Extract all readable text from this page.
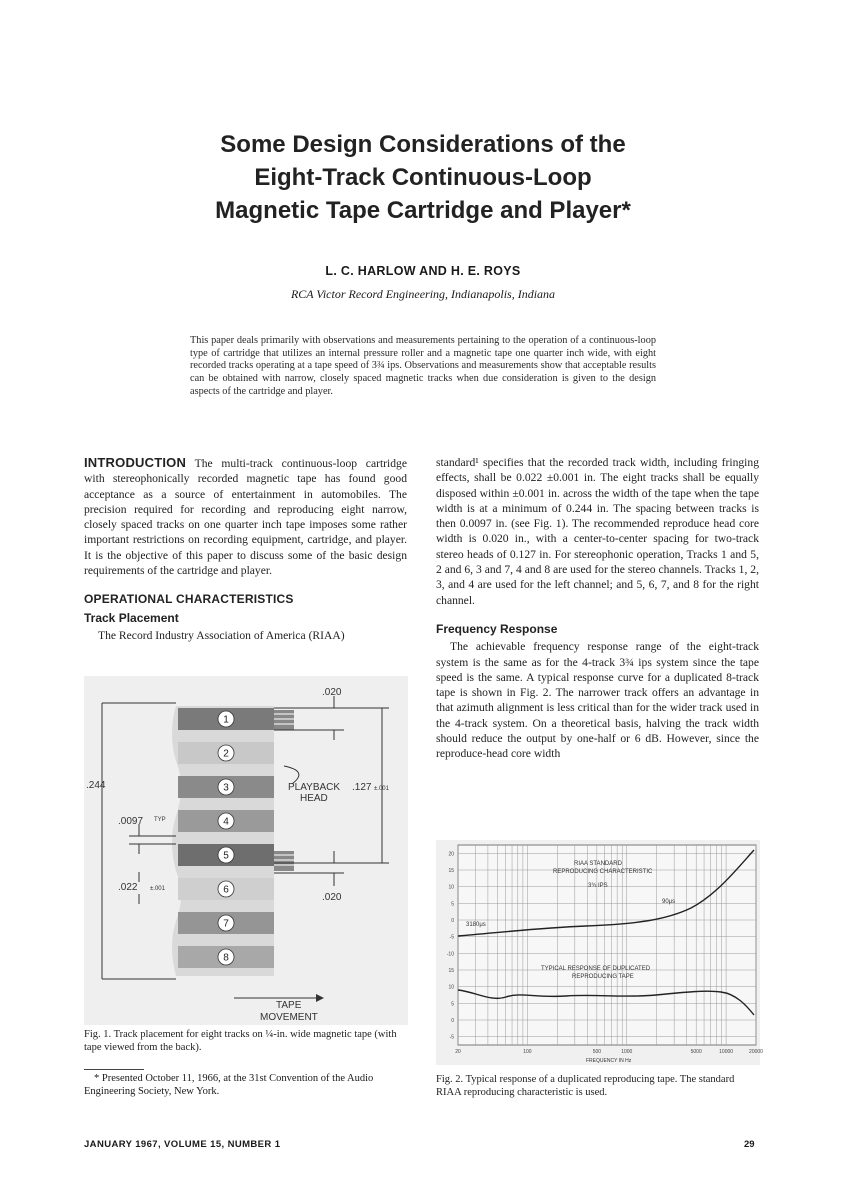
Some Design Considerations of the
Eight-Track Continuous-Loop
Magnetic Tape Cartridge and Player*
L. C. HARLOW AND H. E. ROYS
RCA Victor Record Engineering, Indianapolis, Indiana
This paper deals primarily with observations and measurements pertaining to the operation of a continuous-loop type of cartridge that utilizes an internal pressure roller and a magnetic tape one quarter inch wide, with eight recorded tracks operating at a tape speed of 3¾ ips. Observations and measurements show that acceptable results can be obtained with narrow, closely spaced magnetic tracks when due consideration is given to the design aspects of the cartridge and player.

INTRODUCTION The multi-track continuous-loop cartridge with stereophonically recorded magnetic tape has found good acceptance as a source of entertainment in automobiles. The precision required for recording and reproducing eight narrow, closely spaced tracks on one quarter inch tape imposes some rather important restrictions on recording equipment, cartridge, and player. It is the objective of this paper to discuss some of the basic design requirements of the cartridge and player.

OPERATIONAL CHARACTERISTICS
Track Placement

The Record Industry Association of America (RIAA)

1
2
3
4
5
6
7
8
.020
.020
.244
.0097 TYP
.022 ±.001
.127 ±.001
PLAYBACK
HEAD
TAPE
MOVEMENT
Fig. 1. Track placement for eight tracks on ¼-in. wide magnetic tape (with tape viewed from the back).

* Presented October 11, 1966, at the 31st Convention of the Audio Engineering Society, New York.

standard¹ specifies that the recorded track width, including fringing effects, shall be 0.022 ±0.001 in. The eight tracks shall be equally disposed within ±0.001 in. across the width of the tape when the tape width is at a minimum of 0.244 in. The spacing between tracks is then 0.0097 in. (see Fig. 1). The recommended reproduce head core width is 0.020 in., with a center-to-center spacing for two-track stereo heads of 0.127 in. For stereophonic operation, Tracks 1 and 5, 2 and 6, 3 and 7, 4 and 8 are used for the stereo channels. Tracks 1, 2, 3, and 4 are used for the left channel; and 5, 6, 7, and 8 for the right channel.

Frequency Response

The achievable frequency response range of the eight-track system is the same as for the 4-track 3¾ ips system since the tape speed is the same. A typical response curve for a duplicated 8-track tape is shown in Fig. 2. The narrower track offers an advantage in that azimuth alignment is less critical than for the wider track used in the 4-track system. On a theoretical basis, halving the track width should reduce the output by one-half or 6 dB. However, since the reproduce-head core width

20
15
10
5
0
-5
-10
15
10
5
0
-5
20	100	500	1000	5000	10000	20000
RIAA STANDARD
REPRODUCING CHARACTERISTIC
3¾ IPS
3180μs
90μs
TYPICAL RESPONSE OF DUPLICATED
REPRODUCING TAPE
FREQUENCY IN Hz
Fig. 2. Typical response of a duplicated reproducing tape. The standard RIAA reproducing characteristic is used.
JANUARY 1967, VOLUME 15, NUMBER 1	29
